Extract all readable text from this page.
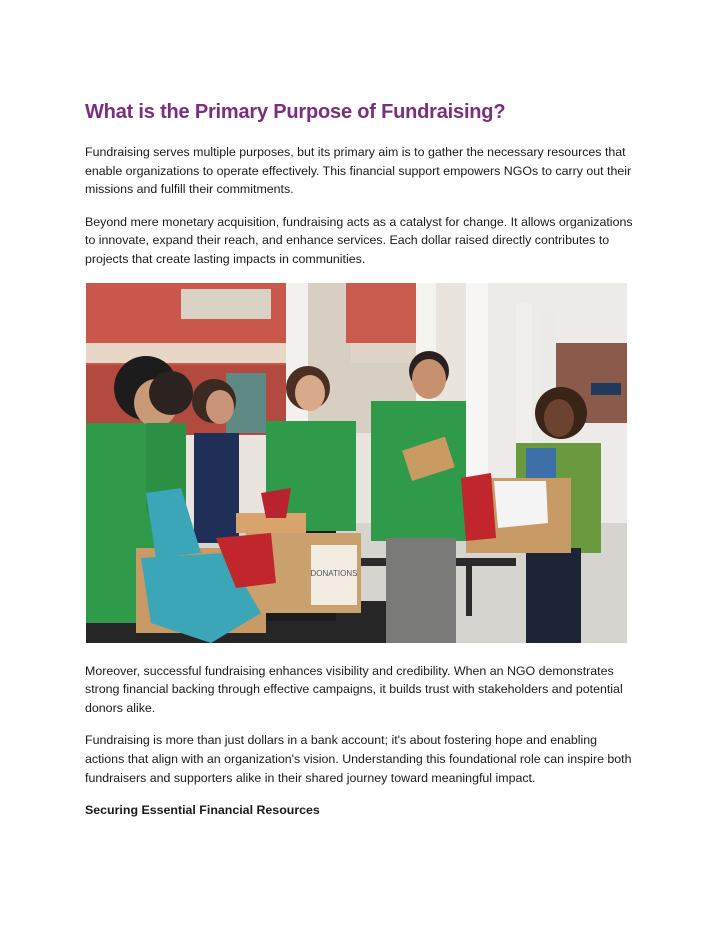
What is the Primary Purpose of Fundraising?

Fundraising serves multiple purposes, but its primary aim is to gather the necessary resources that enable organizations to operate effectively. This financial support empowers NGOs to carry out their missions and fulfill their commitments.

Beyond mere monetary acquisition, fundraising acts as a catalyst for change. It allows organizations to innovate, expand their reach, and enhance services. Each dollar raised directly contributes to projects that create lasting impacts in communities.

DONATIONS

Moreover, successful fundraising enhances visibility and credibility. When an NGO demonstrates strong financial backing through effective campaigns, it builds trust with stakeholders and potential donors alike.

Fundraising is more than just dollars in a bank account; it's about fostering hope and enabling actions that align with an organization's vision. Understanding this foundational role can inspire both fundraisers and supporters alike in their shared journey toward meaningful impact.

Securing Essential Financial Resources
